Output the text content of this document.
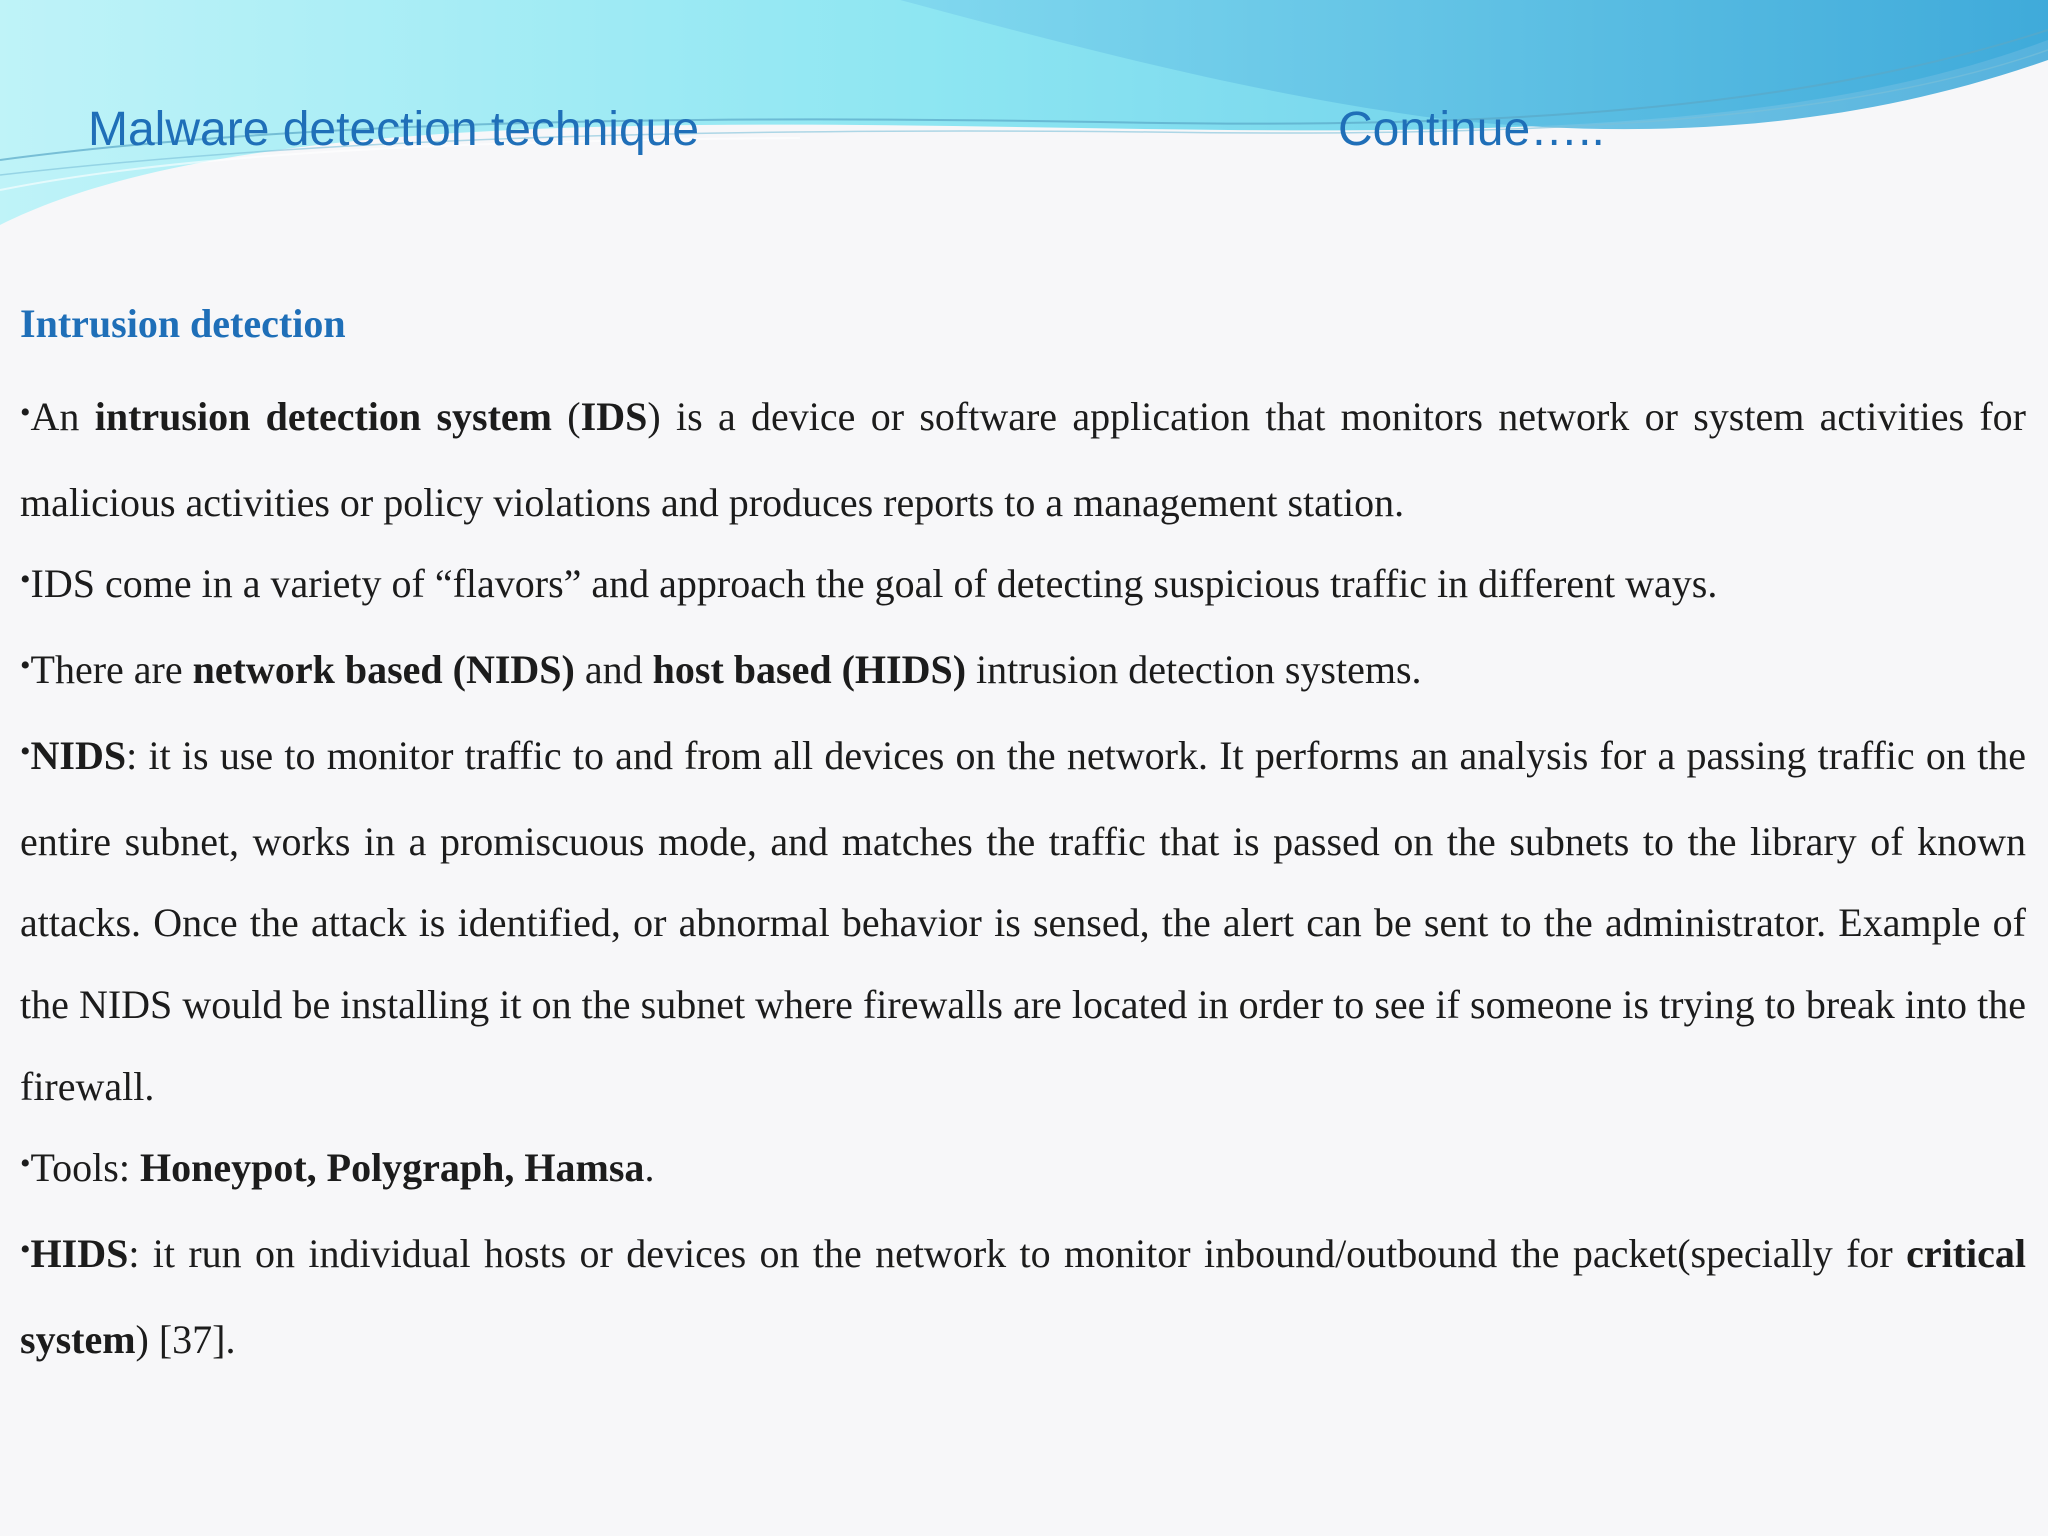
Malware detection technique	Continue…..
Intrusion detection

•An intrusion detection system (IDS) is a device or software application that monitors network or system activities for malicious activities or policy violations and produces reports to a management station.

•IDS come in a variety of “flavors” and approach the goal of detecting suspicious traffic in different ways.

•There are network based (NIDS) and host based (HIDS) intrusion detection systems.

•NIDS: it is use to monitor traffic to and from all devices on the network. It performs an analysis for a passing traffic on the entire subnet, works in a promiscuous mode, and matches the traffic that is passed on the subnets to the library of known attacks. Once the attack is identified, or abnormal behavior is sensed, the alert can be sent to the administrator. Example of the NIDS would be installing it on the subnet where firewalls are located in order to see if someone is trying to break into the firewall.

•Tools: Honeypot, Polygraph, Hamsa.

•HIDS: it run on individual hosts or devices on the network to monitor inbound/outbound the packet(specially for critical system) [37].
